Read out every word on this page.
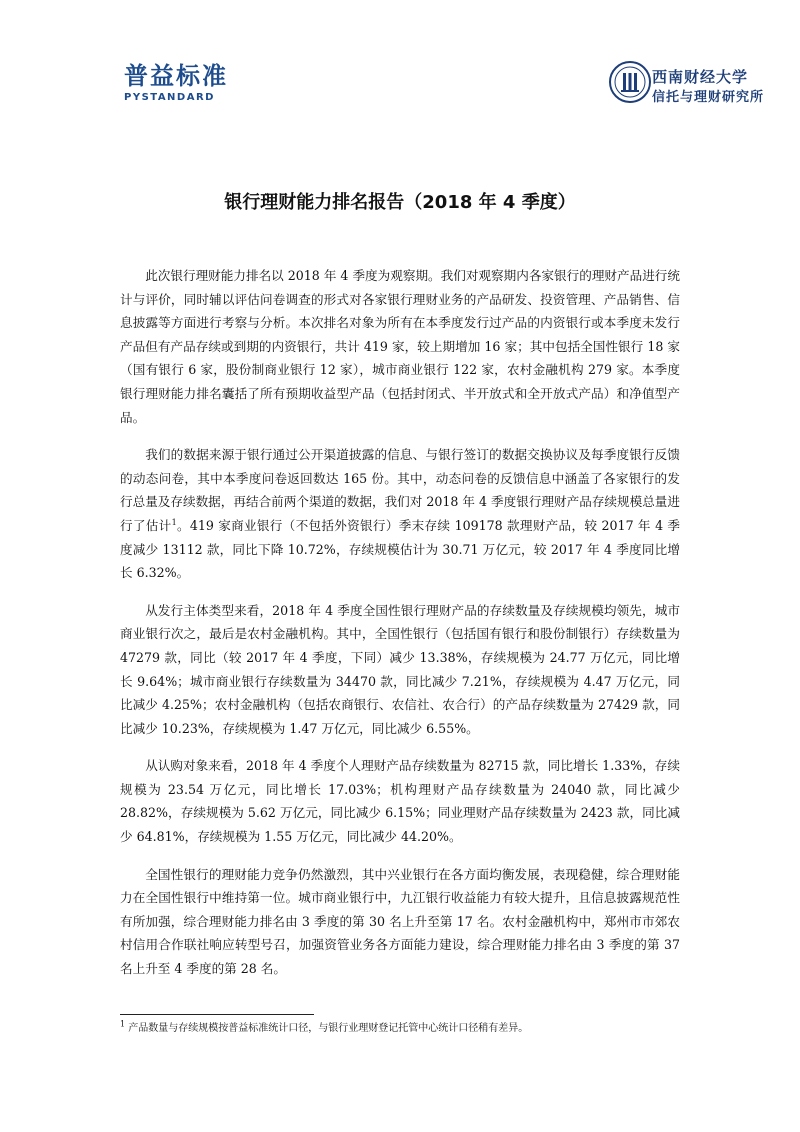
普益标准
PYSTANDARD
西南财经大学
信托与理财研究所
银行理财能力排名报告（2018 年 4 季度）

此次银行理财能力排名以 2018 年 4 季度为观察期。我们对观察期内各家银行的理财产品进行统计与评价，同时辅以评估问卷调查的形式对各家银行理财业务的产品研发、投资管理、产品销售、信息披露等方面进行考察与分析。本次排名对象为所有在本季度发行过产品的内资银行或本季度未发行产品但有产品存续或到期的内资银行，共计 419 家，较上期增加 16 家；其中包括全国性银行 18 家（国有银行 6 家，股份制商业银行 12 家），城市商业银行 122 家，农村金融机构 279 家。本季度银行理财能力排名囊括了所有预期收益型产品（包括封闭式、半开放式和全开放式产品）和净值型产品。

我们的数据来源于银行通过公开渠道披露的信息、与银行签订的数据交换协议及每季度银行反馈的动态问卷，其中本季度问卷返回数达 165 份。其中，动态问卷的反馈信息中涵盖了各家银行的发行总量及存续数据，再结合前两个渠道的数据，我们对 2018 年 4 季度银行理财产品存续规模总量进行了估计$^1$。419 家商业银行（不包括外资银行）季末存续 109178 款理财产品，较 2017 年 4 季度减少 13112 款，同比下降 10.72%，存续规模估计为 30.71 万亿元，较 2017 年 4 季度同比增长 6.32%。

从发行主体类型来看，2018 年 4 季度全国性银行理财产品的存续数量及存续规模均领先，城市商业银行次之，最后是农村金融机构。其中，全国性银行（包括国有银行和股份制银行）存续数量为 47279 款，同比（较 2017 年 4 季度，下同）减少 13.38%，存续规模为 24.77 万亿元，同比增长 9.64%；城市商业银行存续数量为 34470 款，同比减少 7.21%，存续规模为 4.47 万亿元，同比减少 4.25%；农村金融机构（包括农商银行、农信社、农合行）的产品存续数量为 27429 款，同比减少 10.23%，存续规模为 1.47 万亿元，同比减少 6.55%。

从认购对象来看，2018 年 4 季度个人理财产品存续数量为 82715 款，同比增长 1.33%，存续规模为 23.54 万亿元，同比增长 17.03%；机构理财产品存续数量为 24040 款，同比减少 28.82%，存续规模为 5.62 万亿元，同比减少 6.15%；同业理财产品存续数量为 2423 款，同比减少 64.81%，存续规模为 1.55 万亿元，同比减少 44.20%。

全国性银行的理财能力竞争仍然激烈，其中兴业银行在各方面均衡发展，表现稳健，综合理财能力在全国性银行中维持第一位。城市商业银行中，九江银行收益能力有较大提升，且信息披露规范性有所加强，综合理财能力排名由 3 季度的第 30 名上升至第 17 名。农村金融机构中，郑州市市郊农村信用合作联社响应转型号召，加强资管业务各方面能力建设，综合理财能力排名由 3 季度的第 37 名上升至 4 季度的第 28 名。

$^1$ 产品数量与存续规模按普益标准统计口径，与银行业理财登记托管中心统计口径稍有差异。
